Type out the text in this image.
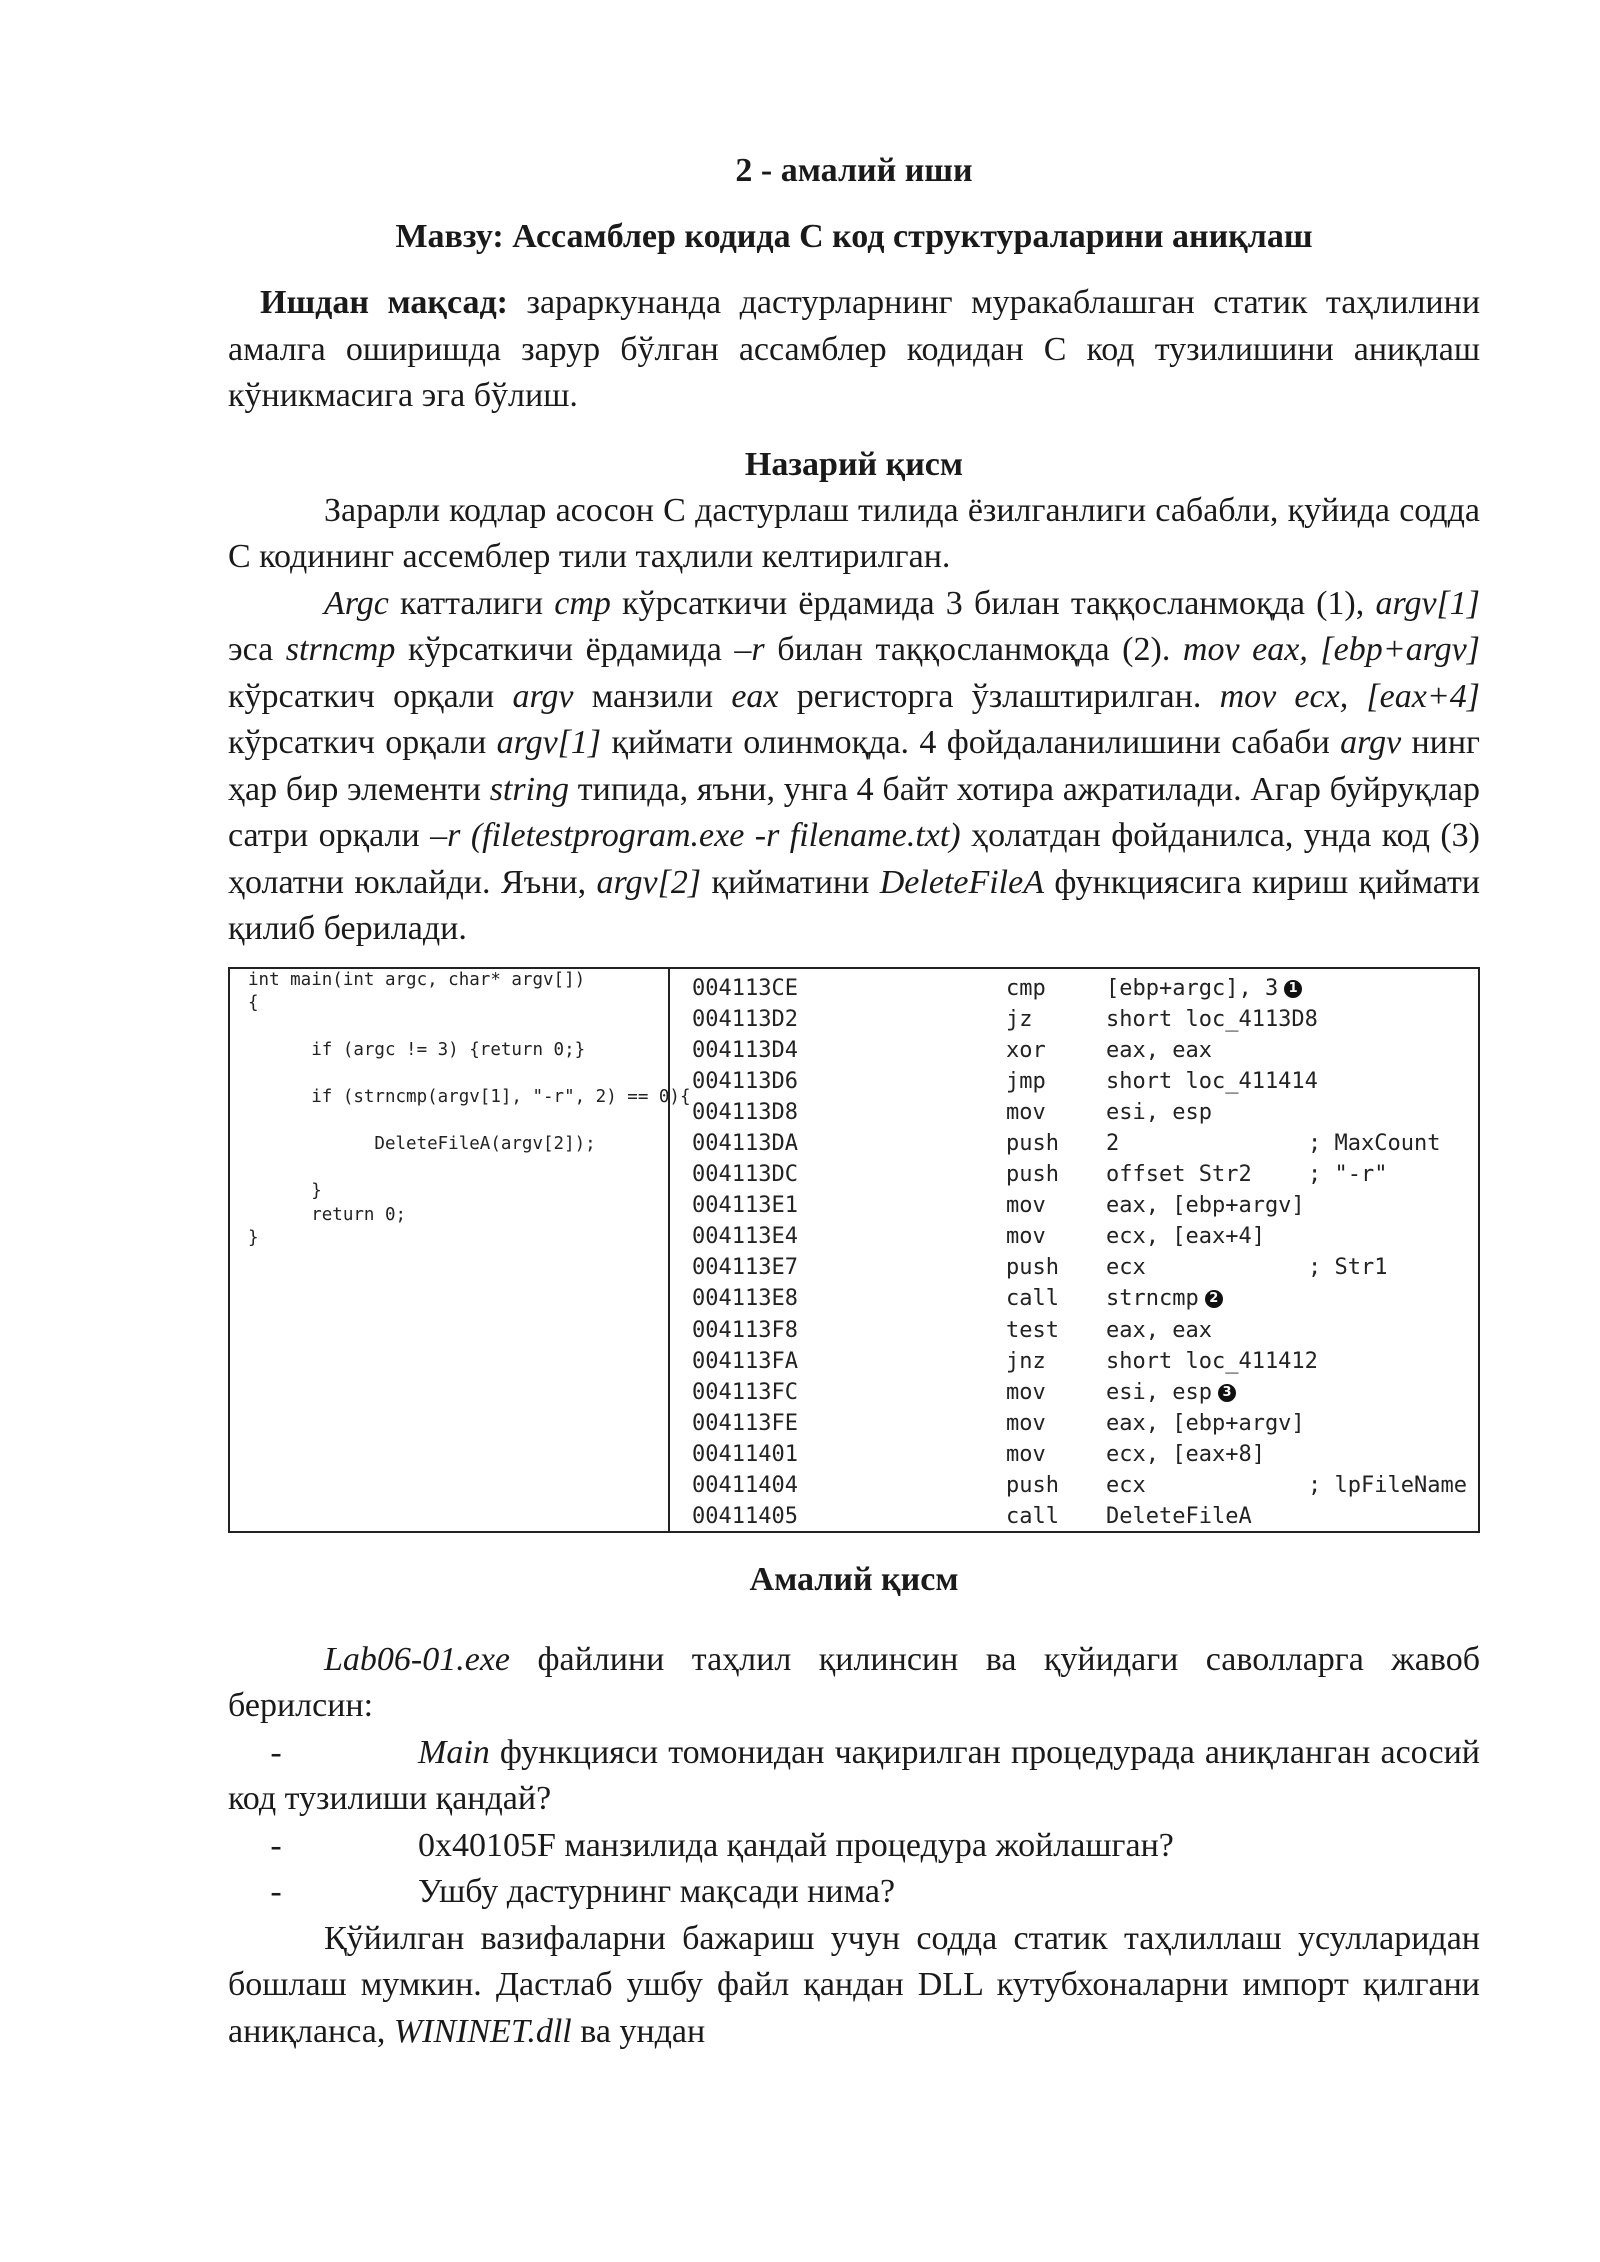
2 - амалий иши

Мавзу: Ассамблер кодида С код структураларини аниқлаш

Ишдан мақсад: зараркунанда дастурларнинг муракаблашган статик таҳлилини амалга оширишда зарур бўлган ассамблер кодидан С код тузилишини аниқлаш кўникмасига эга бўлиш.

Назарий қисм

Зарарли кодлар асосон С дастурлаш тилида ёзилганлиги сабабли, қуйида содда С кодининг ассемблер тили таҳлили келтирилган.

Argc катталиги cmp кўрсаткичи ёрдамида 3 билан таққосланмоқда (1), argv[1] эса strncmp кўрсаткичи ёрдамида –r билан таққосланмоқда (2). mov eax, [ebp+argv] кўрсаткич орқали argv манзили eax регисторга ўзлаштирилган. mov ecx, [eax+4] кўрсаткич орқали argv[1] қиймати олинмоқда. 4 фойдаланилишини сабаби argv нинг ҳар бир элементи string типида, яъни, унга 4 байт хотира ажратилади. Агар буйруқлар сатри орқали –r (filetestprogram.exe -r filename.txt) ҳолатдан фойданилса, унда код (3) ҳолатни юклайди. Яъни, argv[2] қийматини DeleteFileA функциясига кириш қиймати қилиб берилади.

int main(int argc, char* argv[])
{
if (argc != 3) {return 0;}
if (strncmp(argv[1], "-r", 2) == 0){
DeleteFileA(argv[2]);
}
return 0;
}
004113CE	cmp	[ebp+argc], 3 1
004113D2	jz	short loc_4113D8
004113D4	xor	eax, eax
004113D6	jmp	short loc_411414
004113D8	mov	esi, esp
004113DA	push 2	; MaxCount
004113DC	push offset Str2	; "-r"
004113E1	mov	eax, [ebp+argv]
004113E4	mov	ecx, [eax+4]
004113E7	push ecx	; Str1
004113E8	call strncmp 2
004113F8	test eax, eax
004113FA	jnz	short loc_411412
004113FC	mov	esi, esp 3
004113FE	mov	eax, [ebp+argv]
00411401	mov	ecx, [eax+8]
00411404	push ecx	; lpFileName
00411405	call DeleteFileA

Амалий қисм

Lab06-01.exe файлини таҳлил қилинсин ва қуйидаги саволларга жавоб берилсин:

-	Main функцияси томонидан чақирилган процедурада аниқланган асосий код тузилиши қандай?

-	0x40105F манзилида қандай процедура жойлашган?
-	Ушбу дастурнинг мақсади нима?

Қўйилган вазифаларни бажариш учун содда статик таҳлиллаш усулларидан бошлаш мумкин. Дастлаб ушбу файл қандан DLL кутубхоналарни импорт қилгани аниқланса, WININET.dll ва ундан
